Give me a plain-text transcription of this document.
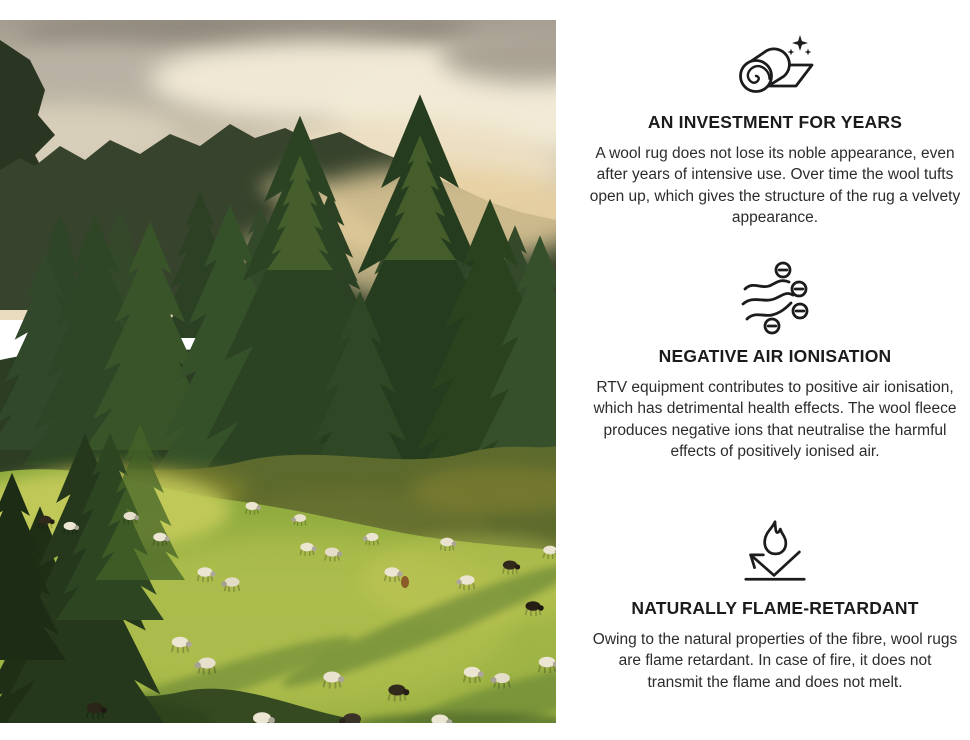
AN INVESTMENT FOR YEARS
A wool rug does not lose its noble appearance, even after years of intensive use. Over time the wool tufts open up, which gives the structure of the rug a velvety appearance.
NEGATIVE AIR IONISATION
RTV equipment contributes to positive air ionisation, which has detrimental health effects. The wool fleece produces negative ions that neutralise the harmful effects of positively ionised air.
NATURALLY FLAME-RETARDANT
Owing to the natural properties of the fibre, wool rugs are flame retardant. In case of fire, it does not transmit the flame and does not melt.
